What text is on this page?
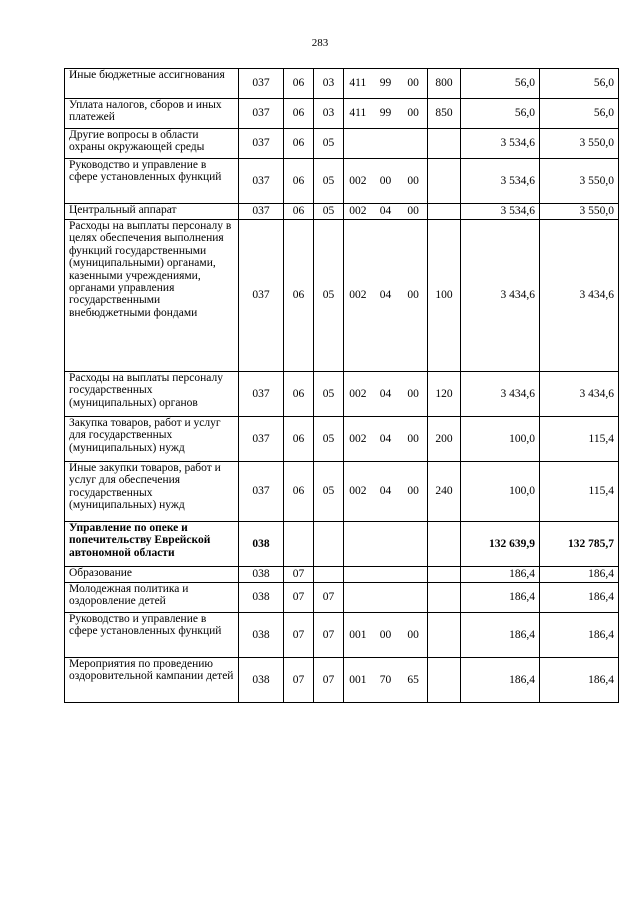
283
Иные бюджетные ассигнования	037	06	03	411 99 00	800	56,0	56,0
Уплата налогов, сборов и иных платежей	037	06	03	411 99 00	850	56,0	56,0
Другие вопросы в области охраны окружающей среды	037	06	05			3 534,6	3 550,0
Руководство и управление в сфере установленных функций	037	06	05	002 00 00		3 534,6	3 550,0
Центральный аппарат	037	06	05	002 04 00		3 534,6	3 550,0
Расходы на выплаты персоналу в целях обеспечения выполнения функций государственными (муниципальными) органами, казенными учреждениями, органами управления государственными внебюджетными фондами	037	06	05	002 04 00	100	3 434,6	3 434,6
Расходы на выплаты персоналу государственных (муниципальных) органов	037	06	05	002 04 00	120	3 434,6	3 434,6
Закупка товаров, работ и услуг для государственных (муниципальных) нужд	037	06	05	002 04 00	200	100,0	115,4
Иные закупки товаров, работ и услуг для обеспечения государственных (муниципальных) нужд	037	06	05	002 04 00	240	100,0	115,4
Управление по опеке и попечительству Еврейской автономной области	038					132 639,9	132 785,7
Образование	038	07				186,4	186,4
Молодежная политика и оздоровление детей	038	07	07			186,4	186,4
Руководство и управление в сфере установленных функций	038	07	07	001 00 00		186,4	186,4
Мероприятия по проведению оздоровительной кампании детей	038	07	07	001 70 65		186,4	186,4
